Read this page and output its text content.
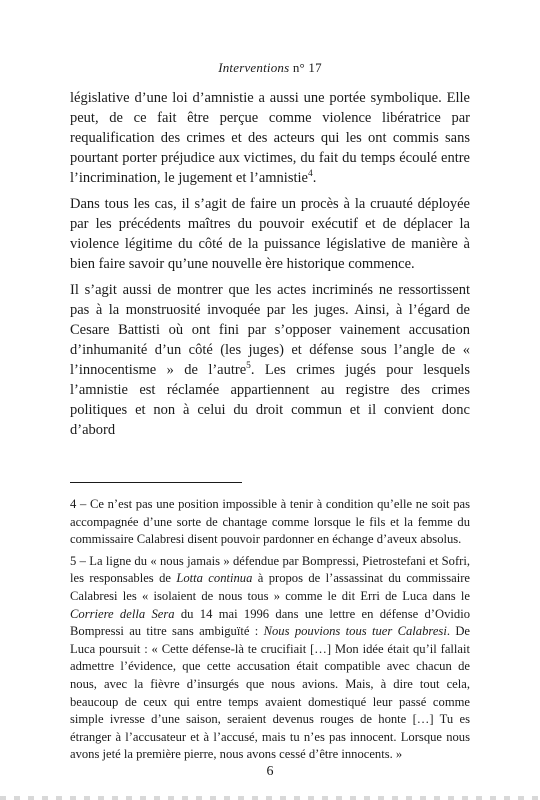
Interventions n° 17

législative d’une loi d’amnistie a aussi une portée symbolique. Elle peut, de ce fait être perçue comme violence libératrice par requalification des crimes et des acteurs qui les ont commis sans pourtant porter préjudice aux victimes, du fait du temps écoulé entre l’incrimination, le jugement et l’amnistie$^4$.

Dans tous les cas, il s’agit de faire un procès à la cruauté déployée par les précédents maîtres du pouvoir exécutif et de déplacer la violence légitime du côté de la puissance législative de manière à bien faire savoir qu’une nouvelle ère historique commence.

Il s’agit aussi de montrer que les actes incriminés ne ressortissent pas à la monstruosité invoquée par les juges. Ainsi, à l’égard de Cesare Battisti où ont fini par s’opposer vainement accusation d’inhumanité d’un côté (les juges) et défense sous l’angle de « l’innocentisme » de l’autre$^5$. Les crimes jugés pour lesquels l’amnistie est réclamée appartiennent au registre des crimes politiques et non à celui du droit commun et il convient donc d’abord

4 – Ce n’est pas une position impossible à tenir à condition qu’elle ne soit pas accompagnée d’une sorte de chantage comme lorsque le fils et la femme du commissaire Calabresi disent pouvoir pardonner en échange d’aveux absolus.

5 – La ligne du « nous jamais » défendue par Bompressi, Pietrostefani et Sofri, les responsables de Lotta continua à propos de l’assassinat du commissaire Calabresi les « isolaient de nous tous » comme le dit Erri de Luca dans le Corriere della Sera du 14 mai 1996 dans une lettre en défense d’Ovidio Bompressi au titre sans ambiguïté : Nous pouvions tous tuer Calabresi. De Luca poursuit : « Cette défense-là te crucifiait […] Mon idée était qu’il fallait admettre l’évidence, que cette accusation était compatible avec chacun de nous, avec la fièvre d’insurgés que nous avions. Mais, à dire tout cela, beaucoup de ceux qui entre temps avaient domestiqué leur passé comme simple ivresse d’une saison, seraient devenus rouges de honte […] Tu es étranger à l’accusateur et à l’accusé, mais tu n’es pas innocent. Lorsque nous avons jeté la première pierre, nous avons cessé d’être innocents. »

6
